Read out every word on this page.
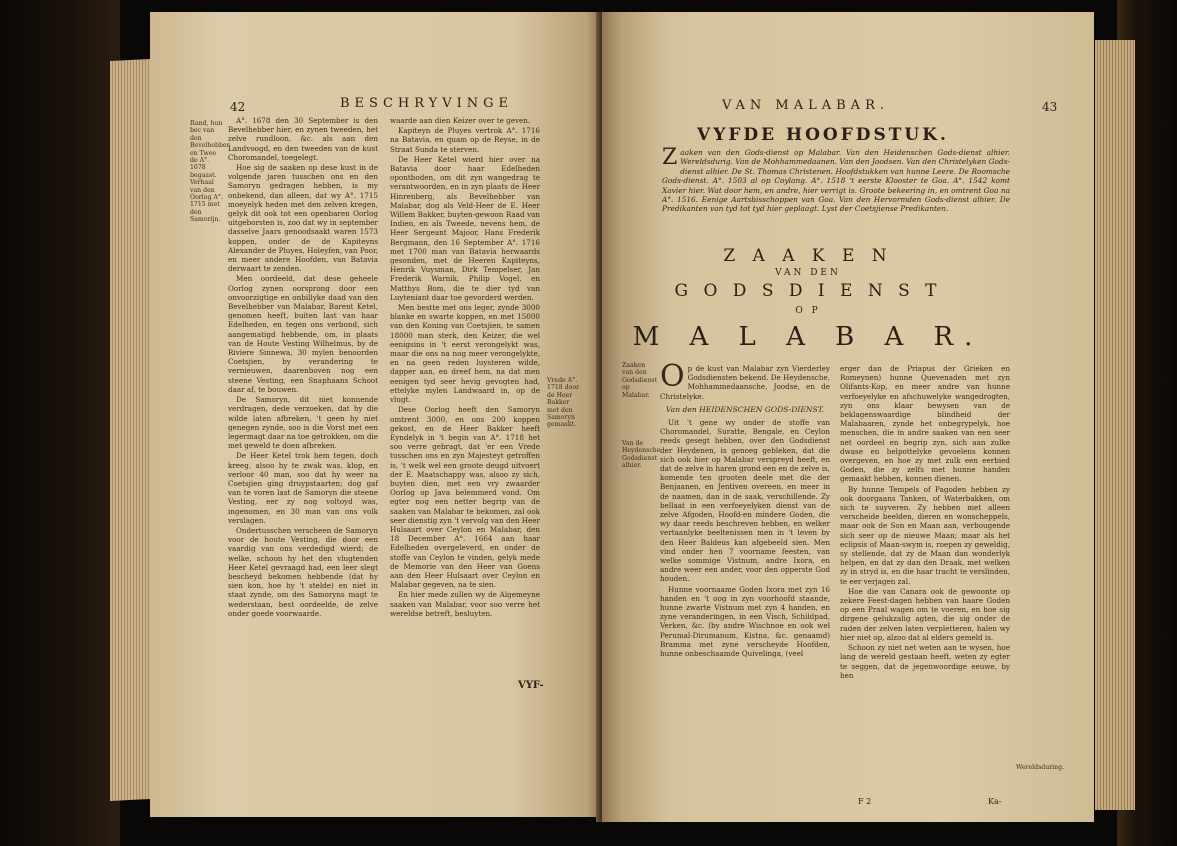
42	BESCHRYVINGE
Rand, hun bec van den Bevelhebber en Twee de A°. 1678 begaast. Verhaal van den Oorlog A°. 1715 met den Samorijn.

A°. 1678 den 30 September is den Bevelhebber hier, en zynen tweeden, het zelve rundloon, &c. als aan den Landvoogd, en den tweeden van de kust Choromandel, toegelegt.

Hoe sig de saaken op dese kust in de volgende jaren tusschen ons en den Samoryn gedragen hebben, is my onbekend, dan alleen, dat wy A°. 1715 moeyelyk heden met den zelven kregen, gelyk dit ook tot een openbaren Oorlog uitgeborsten is, zoo dat wy in september dasselve Jaars genoodsaakt waren 1573 koppen, onder de de Kapiteyns Alexander de Pluyes, Holeyfen, van Poor, en meer andere Hoofden, van Batavia derwaart te zenden.

Men oordeeld, dat dese geheele Oorlog zynen oorsprong door een onvoorzigtige en onbillyke daad van den Bevelhebber van Malabar, Barent Ketel, genomen heeft, buiten last van haar Edelheden, en tegen ons verbond, sich aangematigd hebbende, om, in plaats van de Houte Vesting Wilhelmus, by de Riviere Sinnewa, 30 mylen benoorden Coetsjien, by verandering te vernieuwen, daarenboven nog een steene Vesting, een Snaphaans Schoot daar af, te bouwen.

De Samoryn, dit niet konnende verdragen, dede verzoeken, dat hy die wilde laten afbreken, 't geen hy niet genegen zynde, soo is die Vorst met een legermagt daar na toe getrokken, om die met geweld te doen afbreken.

De Heer Ketel trok hem tegen, doch kreeg, alsoo hy te zwak was, klop, en verloor 40 man, soo dat hy weer na Coetsjien ging druypstaarten; dog gaf van te voren last de Samoryn die steene Vesting, eer zy nog voltoyd was, ingenomen, en 30 man van ons volk verslagen.

Ondertusschen verscheen de Samoryn voor de houte Vesting, die door een vaardig van ons verdedigd wierd; de welke, schoon hy het den vlugtenden Heer Ketel gevraagd had, een leer slegt bescheyd bekomen hebbende (dat hy sien kon, hoe hy 't stelde) en niet in staat zynde, om des Samoryns magt te wederstaan, best oordeelde, de zelve onder goede voorwaarde.

waarde aan dien Keizer over te geven.

Kapiteyn de Pluyes vertrok A°. 1716 na Batavia, en quam op de Reyse, in de Straat Sunda te sterven.

De Heer Ketel wierd hier over na Batavia door haar Edelheden opontboden, om dit zyn wangedrag te verantwoorden, en in zyn plaats de Heer Hinrenberg, als Bevelhebber van Malabar, dog als Veld-Heer de E. Heer Willem Bakker, buyten-gewoon Raad van Indien, en als Tweede, nevens hem, de Heer Sergeant Majoor, Hans Frederik Bergmann, den 16 September A°. 1716 met 1700 man van Batavia herwaards gesonden, met de Heeren Kapiteyns, Henrik Vuysman, Dirk Tempelser, Jan Frederik Warnik, Philip Vogel, en Matthys Bom, die te dier tyd van Luyteniant daar toe gevorderd werden.

Men bestte met ons leger, zynde 3000 blanke en swarte koppen, en met 15000 van den Koning van Coetsjien, te samen 18000 man sterk, den Keizer, die wel eenigsins in 't eerst verongelykt was, maar die ons na nog meer verongelykte, en na geen reden luysteren wilde, dapper aan, en dreef hem, na dat men eenigen tyd seer hevig gevogten had, ettelyke mylen Landwaard in, op de vlugt.

Dese Oorlog heeft den Samoryn omtrent 3000, en ons 200 koppen gekost, en de Heer Bakker heeft Eyndelyk in 't begin van A°. 1718 het soo verre gebragt, dat 'er een Vrede tusschen ons en zyn Majesteyt getroffen is, 't welk wel een groote deugd uitvoert der E. Maatschappy was, alsoo zy sich, buyten dien, met een vry zwaarder Oorlog op Java belemmerd vond. Om egter nog een netter begrip van de saaken van Malabar te bekomen, zal ook seer dienstig zyn 't vervolg van den Heer Hulsaart over Ceylon en Malabar, den 18 December A°. 1664 aan haar Edelheden overgeleverd, en onder de stoffe van Ceylon te vinden, gelyk mede de Memorie van den Heer van Goens aan den Heer Hulsaart over Ceylon en Malabar gegeven, na te sien.

En hier mede zullen wy de Algemeyne saaken van Malabar, voor soo verre het wereldse betreft, besluyten.

Vrede A°. 1718 door de Heer Bakker met den Samoryn gemaakt.
VYF-
VAN MALABAR.	43
VYFDE HOOFDSTUK.
Z aaken van den Gods-dienst op Malabar. Van den Heidenschen Gods-dienst alhier. Wereldsdurig. Van de Mohhammedaanen. Van den Joodsen. Van den Christelyken Gods-dienst alhier. De St. Thomas Christenen. Hoofdstukken van hunne Leere. De Roomsche Gods-dienst. A°. 1503 al op Coylang. A°. 1518 't eerste Klooster te Goa. A°. 1542 komt Xavier hier. Wat door hem, en andre, hier verrigt is. Groote bekeering in, en omtrent Goa na A°. 1516. Eenige Aartsbisschoppen van Goa. Van den Hervormden Gods-dienst alhier. De Predikanten van tyd tot tyd hier geplaagt. Lyst der Coetsjiense Predikanten.
Z A A K E N
VAN DEN
G O D S D I E N S T
O P
M A L A B A R.
Zaaken van den Godsdienst op Malabar.
Van de Heydensche Godsdienst alhier.
O p de kust van Malabar zyn Vierderley Godsdiensten bekend. De Heydensche, Mohhammedaansche, Joodse, en de Christelyke.
Van den HEIDENSCHEN GODS-DIENST.

Uit 't gene wy onder de stoffe van Choromandel, Suratte, Bengale, en Ceylon reeds gesegt hebben, over den Godsdienst der Heydenen, is genoeg gebleken, dat die sich ook hier op Malabar verspreyd heeft, en dat de zelve in haren grond een en de zelve is, komende ten grooten deele met die der Benjaanen, en Jentiven overeen, en meer in de naamen, dan in de saak, verschillende. Zy bellaat in een verfoeyelyken dienst van de zelve Afgoden, Hoofd-en mindere Goden, die wy daar reeds beschreven hebben, en welker vertaanlyke beeltenissen men in 't leven by den Heer Baldeus kan afgebeeld sien. Men vind onder hen 7 voorname feesten, van welke sommige Vistnum, andre Ixora, en andre weer een ander, voor den opperste God houden.

Hunne voornaame Goden Ixora met zyn 16 handen en 't oog in zyn voorhoofd staande, hunne zwarte Vistnum met zyn 4 handen, en zyne veranderingen, in een Visch, Schildpad, Verken, &c. (by andre Wischnoe en ook wel Perumal-Dirumanum, Kistna, &c. genaamd) Bramma met zyne verscheyde Hoofden, hunne onbeschaamde Quivelinga, (veel

erger dan de Priapus der Grieken en Romeynen) hunne Quevenaden met zyn Olifants-Kop, en meer andre van hunne verfoeyelyke en afschuwelyke wangedrogten, zyn ons klaar bewysen van de beklagenswaardige blindheid der Malabaaren, zynde het onbegrypelyk, hoe menschen, die in andre saaken van een seer net oordeel en begrip zyn, sich aan zulke dwase en belpottelyke gevoelens konnen overgeven, en hoe zy met zulk een eerbied Goden, die zy zelfs met hunne handen gemaakt hebben, konnen dienen.

By hunne Tempels of Pagoden hebben zy ook doorgaans Tanken, of Waterbakken, om sich te suyveren. Zy hebben met alleen verscheide beelden, dieren en wonscheppels, maar ook de Son en Maan aan, verbougende sich seer op de nieuwe Maan; maar als het eclipsis of Maan-swym is, roepen zy geweldig, sy stellende, dat zy de Maan dan wonderlyk helpen, en dat zy dan den Draak, met welken zy in stryd is, en die haar tracht te verslinden, te eer verjagen zal.

Hoe die van Canara ook de gewoonte op zekere Feest-dagen hebben van haare Goden op een Praal wagen om te voeren, en hoe sig dirgene gelukzalig agten, die sig onder de raden der zelven laten verpletteren, halen wy hier niet op, alzoo dat al elders gemeld is.

Schoon zy niet net weten aan te wysen, hoe lang de wereld gestaan heeft, weten zy egter te seggen, dat de jegenwoordige eeuwe, by hen

Wereldsduring.
F 2	Ka-
